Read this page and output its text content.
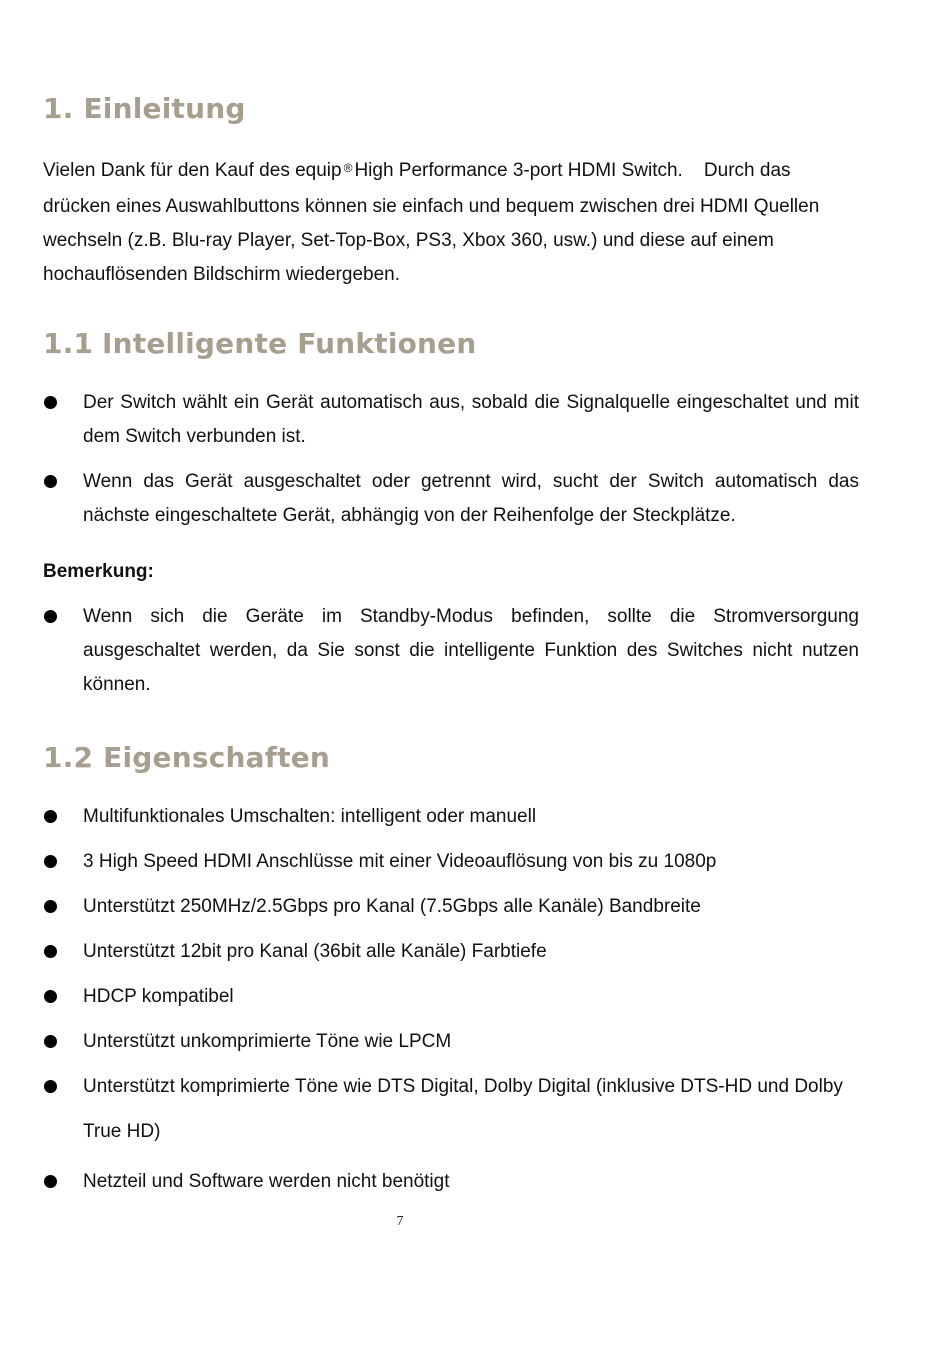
1. Einleitung
Vielen Dank für den Kauf des equip ® High Performance 3-port HDMI Switch.    Durch das
drücken eines Auswahlbuttons können sie einfach und bequem zwischen drei HDMI Quellen
wechseln (z.B. Blu-ray Player, Set-Top-Box, PS3, Xbox 360, usw.) und diese auf einem
hochauflösenden Bildschirm wiedergeben.
1.1 Intelligente Funktionen
Der Switch wählt ein Gerät automatisch aus, sobald die Signalquelle eingeschaltet und mit dem Switch verbunden ist.
Wenn das Gerät ausgeschaltet oder getrennt wird, sucht der Switch automatisch das nächste eingeschaltete Gerät, abhängig von der Reihenfolge der Steckplätze.

Bemerkung:

Wenn sich die Geräte im Standby-Modus befinden, sollte die Stromversorgung ausgeschaltet werden, da Sie sonst die intelligente Funktion des Switches nicht nutzen können.
1.2 Eigenschaften
Multifunktionales Umschalten: intelligent oder manuell
3 High Speed HDMI Anschlüsse mit einer Videoauflösung von bis zu 1080p
Unterstützt 250MHz/2.5Gbps pro Kanal (7.5Gbps alle Kanäle) Bandbreite
Unterstützt 12bit pro Kanal (36bit alle Kanäle) Farbtiefe
HDCP kompatibel
Unterstützt unkomprimierte Töne wie LPCM
Unterstützt komprimierte Töne wie DTS Digital, Dolby Digital (inklusive DTS-HD und Dolby True HD)
Netzteil und Software werden nicht benötigt
7
